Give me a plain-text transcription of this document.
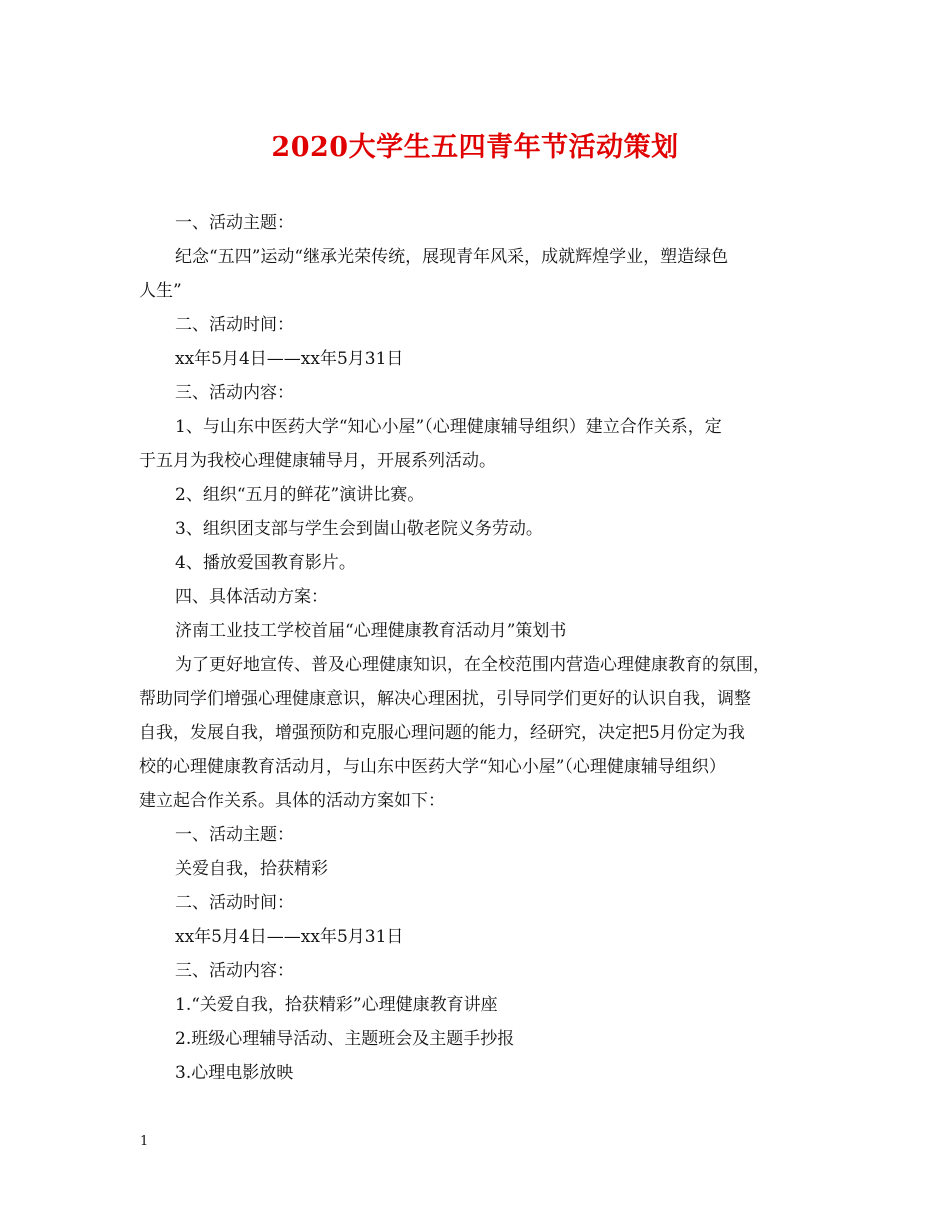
2020大学生五四青年节活动策划
一、活动主题：
纪念“五四”运动“继承光荣传统，展现青年风采，成就辉煌学业，塑造绿色
人生”
二、活动时间：
xx年5月4日——xx年5月31日
三、活动内容：
1、与山东中医药大学“知心小屋”（心理健康辅导组织）建立合作关系，定
于五月为我校心理健康辅导月，开展系列活动。
2、组织“五月的鲜花”演讲比赛。
3、组织团支部与学生会到崮山敬老院义务劳动。
4、播放爱国教育影片。
四、具体活动方案：
济南工业技工学校首届“心理健康教育活动月”策划书
为了更好地宣传、普及心理健康知识，在全校范围内营造心理健康教育的氛围，
帮助同学们增强心理健康意识，解决心理困扰，引导同学们更好的认识自我，调整
自我，发展自我，增强预防和克服心理问题的能力，经研究，决定把5月份定为我
校的心理健康教育活动月，与山东中医药大学“知心小屋”（心理健康辅导组织）
建立起合作关系。具体的活动方案如下：
一、活动主题：
关爱自我，拾获精彩
二、活动时间：
xx年5月4日——xx年5月31日
三、活动内容：
1.“关爱自我，拾获精彩”心理健康教育讲座
2.班级心理辅导活动、主题班会及主题手抄报
3.心理电影放映
1
